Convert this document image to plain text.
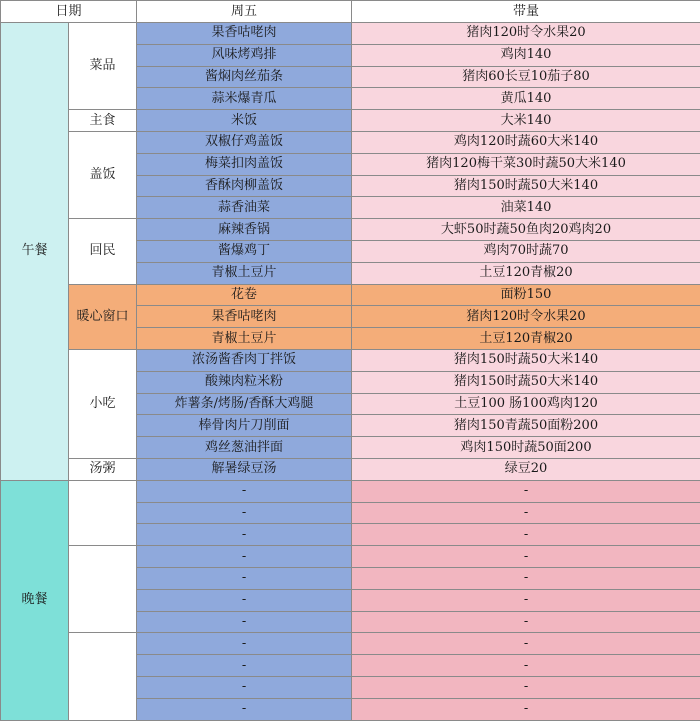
日期		周五	带量
午餐	菜品	果香咕咾肉	猪肉120时令水果20
		风味烤鸡排	鸡肉140
		酱焖肉丝茄条	猪肉60长豆10茄子80
		蒜米爆青瓜	黄瓜140
	主食	米饭	大米140
	盖饭	双椒仔鸡盖饭	鸡肉120时蔬60大米140
		梅菜扣肉盖饭	猪肉120梅干菜30时蔬50大米140
		香酥肉柳盖饭	猪肉150时蔬50大米140
		蒜香油菜	油菜140
	回民	麻辣香锅	大虾50时蔬50鱼肉20鸡肉20
		酱爆鸡丁	鸡肉70时蔬70
		青椒土豆片	土豆120青椒20
	暖心窗口	花卷	面粉150
		果香咕咾肉	猪肉120时令水果20
		青椒土豆片	土豆120青椒20
	小吃	浓汤酱香肉丁拌饭	猪肉150时蔬50大米140
		酸辣肉粒米粉	猪肉150时蔬50大米140
		炸薯条/烤肠/香酥大鸡腿	土豆100 肠100鸡肉120
		棒骨肉片刀削面	猪肉150青蔬50面粉200
		鸡丝葱油拌面	鸡肉150时蔬50面200
	汤粥	解暑绿豆汤	绿豆20
晚餐		-	-
		-	-
		-	-
		-	-
		-	-
		-	-
		-	-
		-	-
		-	-
		-	-
		-	-
